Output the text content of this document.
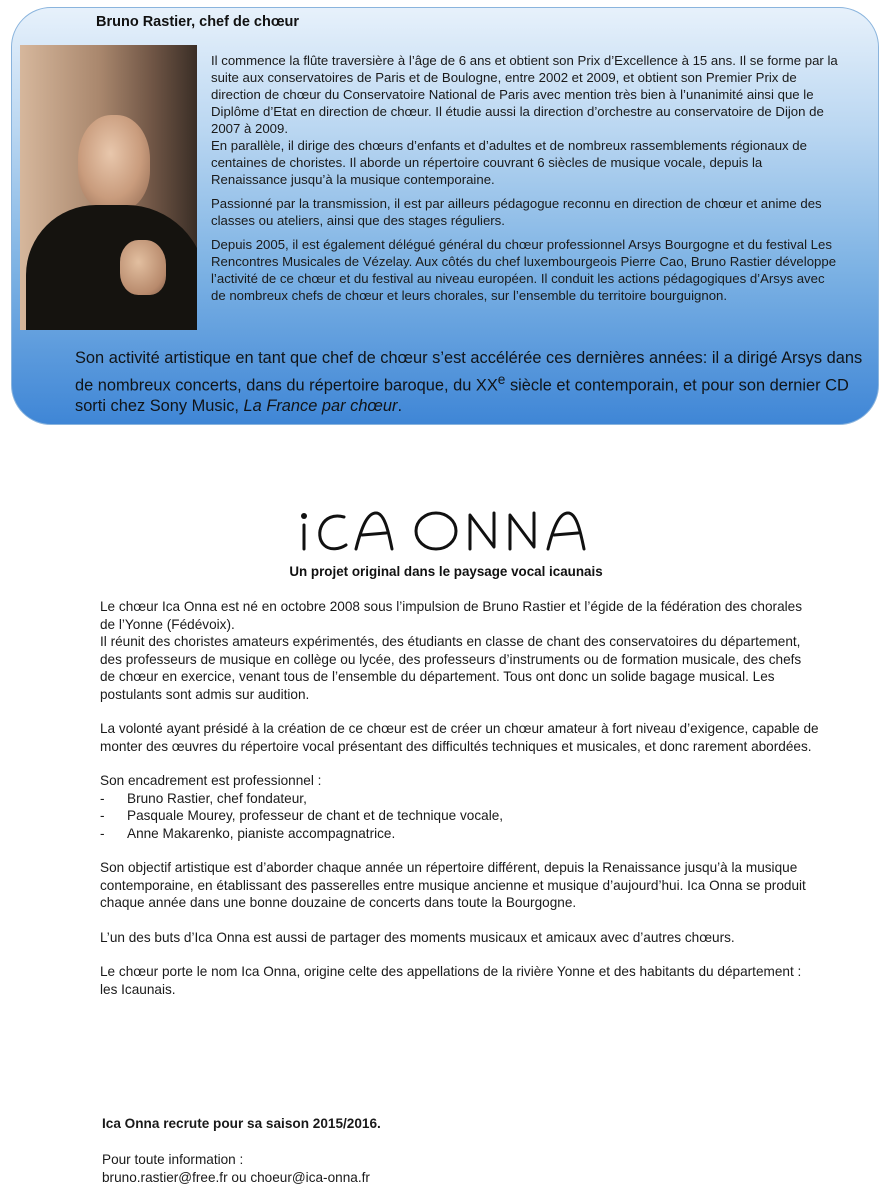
Bruno Rastier, chef de chœur

Il commence la flûte traversière à l’âge de 6 ans et obtient son Prix d’Excellence à 15 ans. Il se forme par la suite aux conservatoires de Paris et de Boulogne, entre 2002 et 2009, et obtient son Premier Prix de direction de chœur du Conservatoire National de Paris avec mention très bien à l’unanimité ainsi que le Diplôme d’Etat en direction de chœur. Il étudie aussi la direction d’orchestre au conservatoire de Dijon de 2007 à 2009.

En parallèle, il dirige des chœurs d’enfants et d’adultes et de nombreux rassemblements régionaux de centaines de choristes. Il aborde un répertoire couvrant 6 siècles de musique vocale, depuis la Renaissance jusqu’à la musique contemporaine.

Passionné par la transmission, il est par ailleurs pédagogue reconnu en direction de chœur et anime des classes ou ateliers, ainsi que des stages réguliers.

Depuis 2005, il est également délégué général du chœur professionnel Arsys Bourgogne et du festival Les Rencontres Musicales de Vézelay. Aux côtés du chef luxembourgeois Pierre Cao, Bruno Rastier développe l’activité de ce chœur et du festival au niveau européen. Il conduit les actions pédagogiques d’Arsys avec de nombreux chefs de chœur et leurs chorales, sur l’ensemble du territoire bourguignon.

Son activité artistique en tant que chef de chœur s’est accélérée ces dernières années: il a dirigé Arsys dans de nombreux concerts, dans du répertoire baroque, du XXe siècle et contemporain, et pour son dernier CD sorti chez Sony Music, La France par chœur.
Un projet original dans le paysage vocal icaunais

Le chœur Ica Onna est né en octobre 2008 sous l’impulsion de Bruno Rastier et l’égide de la fédération des chorales de l’Yonne (Fédévoix).

Il réunit des choristes amateurs expérimentés, des étudiants en classe de chant des conservatoires du département, des professeurs de musique en collège ou lycée, des professeurs d’instruments ou de formation musicale, des chefs de chœur en exercice, venant tous de l’ensemble du département. Tous ont donc un solide bagage musical. Les postulants sont admis sur audition.

La volonté ayant présidé à la création de ce chœur est de créer un chœur amateur à fort niveau d’exigence, capable de monter des œuvres du répertoire vocal présentant des difficultés techniques et musicales, et donc rarement abordées.

Son encadrement est professionnel :

-	Bruno Rastier, chef fondateur,
-	Pasquale Mourey, professeur de chant et de technique vocale,
-	Anne Makarenko, pianiste accompagnatrice.

Son objectif artistique est d’aborder chaque année un répertoire différent, depuis la Renaissance jusqu’à la musique contemporaine, en établissant des passerelles entre musique ancienne et musique d’aujourd’hui. Ica Onna se produit chaque année dans une bonne douzaine de concerts dans toute la Bourgogne.

L’un des buts d’Ica Onna est aussi de partager des moments musicaux et amicaux avec d’autres chœurs.

Le chœur porte le nom Ica Onna, origine celte des appellations de la rivière Yonne et des habitants du département : les Icaunais.

Ica Onna recrute pour sa saison 2015/2016.
Pour toute information :
bruno.rastier@free.fr ou choeur@ica-onna.fr
